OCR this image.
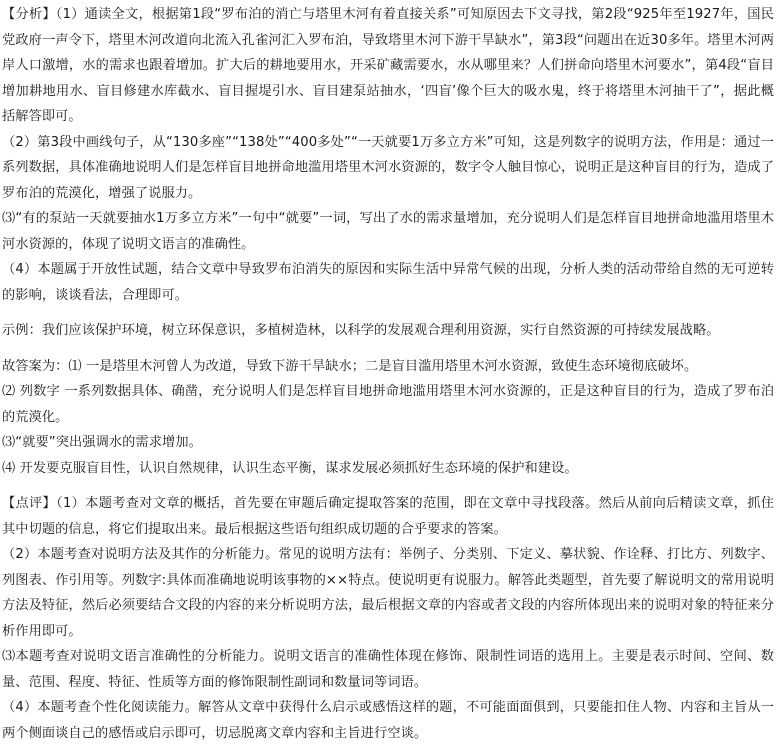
【分析】（1）通读全文，根据第1段“罗布泊的消亡与塔里木河有着直接关系”可知原因去下文寻找，第2段“925年至1927年，国民党政府一声令下，塔里木河改道向北流入孔雀河汇入罗布泊，导致塔里木河下游干旱缺水”，第3段“问题出在近30多年。塔里木河两岸人口激增，水的需求也跟着增加。扩大后的耕地要用水，开采矿藏需要水，水从哪里来？人们拼命向塔里木河要水”，第4段“盲目增加耕地用水、盲目修建水库截水、盲目握堤引水、盲目建泵站抽水，‘四盲’像个巨大的吸水鬼，终于将塔里木河抽干了”，据此概括解答即可。

（2）第3段中画线句子，从“130多座”“138处”“400多处”“一天就要1万多立方米”可知，这是列数字的说明方法，作用是：通过一系列数据，具体准确地说明人们是怎样盲目地拼命地滥用塔里木河水资源的，数字令人触目惊心，说明正是这种盲目的行为，造成了罗布泊的荒漠化，增强了说服力。

⑶“有的泵站一天就要抽水1万多立方米”一句中“就要”一词，写出了水的需求量增加，充分说明人们是怎样盲目地拼命地滥用塔里木河水资源的，体现了说明文语言的准确性。

（4）本题属于开放性试题，结合文章中导致罗布泊消失的原因和实际生活中异常气候的出现，分析人类的活动带给自然的无可逆转的影响，谈谈看法，合理即可。

示例：我们应该保护环境，树立环保意识，多植树造林，以科学的发展观合理利用资源，实行自然资源的可持续发展战略。

故答案为：⑴ 一是塔里木河曾人为改道，导致下游干旱缺水；二是盲目滥用塔里木河水资源，致使生态环境彻底破坏。

⑵ 列数字 一系列数据具体、确凿，充分说明人们是怎样盲目地拼命地滥用塔里木河水资源的，正是这种盲目的行为，造成了罗布泊的荒漠化。

⑶“就要”突出强调水的需求增加。

⑷ 开发要克服盲目性，认识自然规律，认识生态平衡，谋求发展必须抓好生态环境的保护和建设。

【点评】（1）本题考查对文章的概括，首先要在审题后确定提取答案的范围，即在文章中寻找段落。然后从前向后精读文章，抓住其中切题的信息，将它们提取出来。最后根据这些语句组织成切题的合乎要求的答案。

（2）本题考查对说明方法及其作的分析能力。常见的说明方法有：举例子、分类别、下定义、摹状貌、作诠释、打比方、列数字、列图表、作引用等。列数字:具体而准确地说明该事物的××特点。使说明更有说服力。解答此类题型，首先要了解说明文的常用说明方法及特征，然后必须要结合文段的内容的来分析说明方法，最后根据文章的内容或者文段的内容所体现出来的说明对象的特征来分析作用即可。

⑶本题考查对说明文语言准确性的分析能力。说明文语言的准确性体现在修饰、限制性词语的选用上。主要是表示时间、空间、数量、范围、程度、特征、性质等方面的修饰限制性副词和数量词等词语。

（4）本题考查个性化阅读能力。解答从文章中获得什么启示或感悟这样的题，不可能面面俱到，只要能扣住人物、内容和主旨从一两个侧面谈自己的感悟或启示即可，切忌脱离文章内容和主旨进行空谈。
